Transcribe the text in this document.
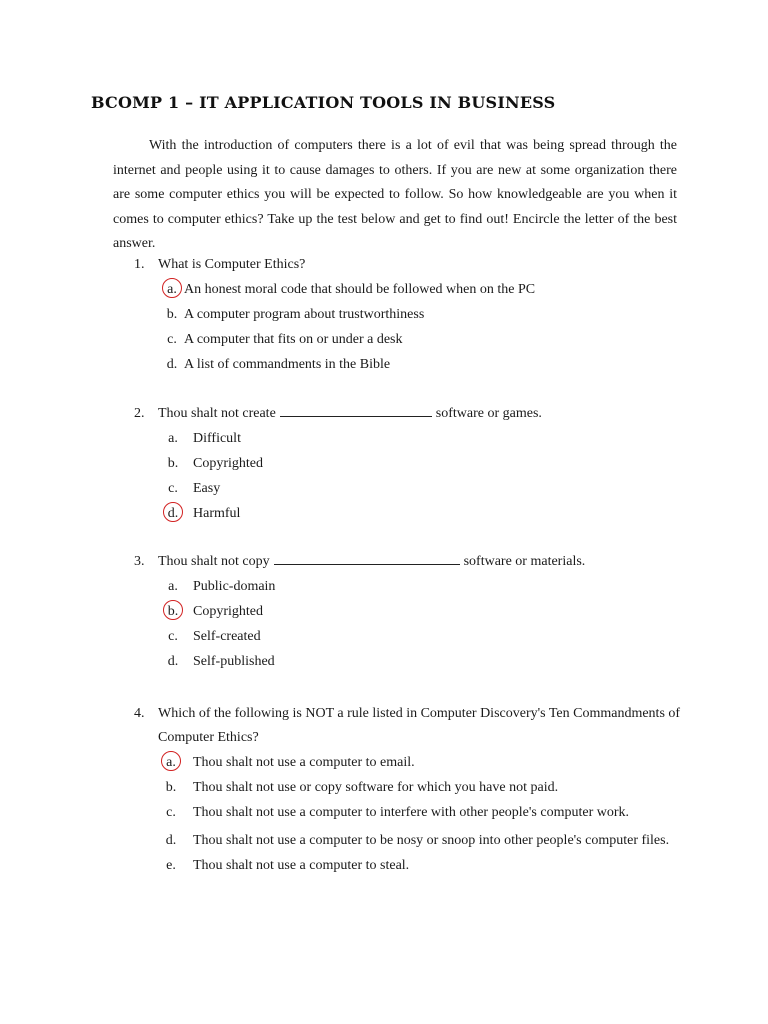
BCOMP 1 – IT APPLICATION TOOLS IN BUSINESS

With the introduction of computers there is a lot of evil that was being spread through the internet and people using it to cause damages to others. If you are new at some organization there are some computer ethics you will be expected to follow. So how knowledgeable are you when it comes to computer ethics? Take up the test below and get to find out! Encircle the letter of the best answer.

1. What is Computer Ethics?
a. An honest moral code that should be followed when on the PC
b. A computer program about trustworthiness
c. A computer that fits on or under a desk
d. A list of commandments in the Bible
2. Thou shalt not create	software or games.
a. Difficult
b. Copyrighted
c. Easy
d. Harmful
3. Thou shalt not copy	software or materials.
a. Public-domain
b. Copyrighted
c. Self-created
d. Self-published
4. Which of the following is NOT a rule listed in Computer Discovery's Ten Commandments of Computer Ethics?
a. Thou shalt not use a computer to email.
b. Thou shalt not use or copy software for which you have not paid.
c. Thou shalt not use a computer to interfere with other people's computer work.
d. Thou shalt not use a computer to be nosy or snoop into other people's computer files.
e. Thou shalt not use a computer to steal.
